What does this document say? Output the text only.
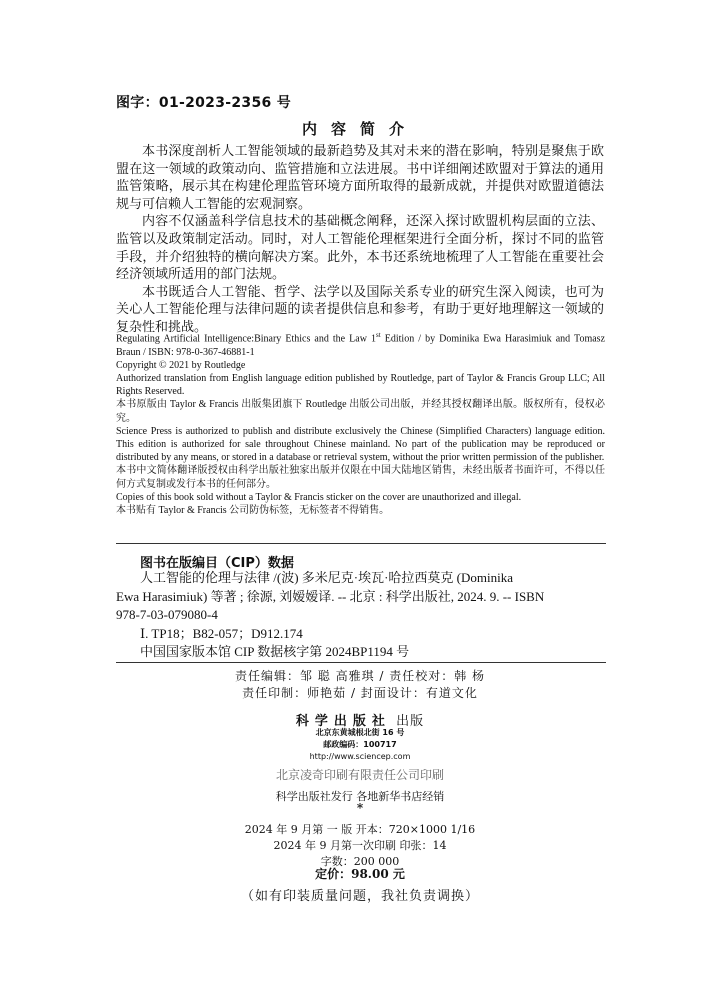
图字：01-2023-2356 号
内容简介

本书深度剖析人工智能领域的最新趋势及其对未来的潜在影响，特别是聚焦于欧盟在这一领域的政策动向、监管措施和立法进展。书中详细阐述欧盟对于算法的通用监管策略，展示其在构建伦理监管环境方面所取得的最新成就，并提供对欧盟道德法规与可信赖人工智能的宏观洞察。

内容不仅涵盖科学信息技术的基础概念阐释，还深入探讨欧盟机构层面的立法、监管以及政策制定活动。同时，对人工智能伦理框架进行全面分析，探讨不同的监管手段，并介绍独特的横向解决方案。此外，本书还系统地梳理了人工智能在重要社会经济领域所适用的部门法规。

本书既适合人工智能、哲学、法学以及国际关系专业的研究生深入阅读，也可为关心人工智能伦理与法律问题的读者提供信息和参考，有助于更好地理解这一领域的复杂性和挑战。

Regulating Artificial Intelligence:Binary Ethics and the Law 1st Edition / by Dominika Ewa Harasimiuk and Tomasz Braun / ISBN: 978-0-367-46881-1

Copyright © 2021 by Routledge

Authorized translation from English language edition published by Routledge, part of Taylor & Francis Group LLC; All Rights Reserved.

本书原版由 Taylor & Francis 出版集团旗下 Routledge 出版公司出版，并经其授权翻译出版。版权所有，侵权必究。

Science Press is authorized to publish and distribute exclusively the Chinese (Simplified Characters) language edition. This edition is authorized for sale throughout Chinese mainland. No part of the publication may be reproduced or distributed by any means, or stored in a database or retrieval system, without the prior written permission of the publisher.

本书中文简体翻译版授权由科学出版社独家出版并仅限在中国大陆地区销售，未经出版者书面许可，不得以任何方式复制或发行本书的任何部分。

Copies of this book sold without a Taylor & Francis sticker on the cover are unauthorized and illegal.

本书贴有 Taylor & Francis 公司防伪标签，无标签者不得销售。

图书在版编目（CIP）数据

人工智能的伦理与法律 /(波) 多米尼克·埃瓦·哈拉西莫克 (Dominika

Ewa Harasimiuk) 等著 ; 徐源, 刘嫒嫒译. -- 北京 : 科学出版社, 2024. 9. -- ISBN

978-7-03-079080-4

Ⅰ. TP18；B82-057；D912.174

中国国家版本馆 CIP 数据核字第 2024BP1194 号

责任编辑：邹 聪 高雅琪 / 责任校对：韩 杨
责任印制：师艳茹 / 封面设计：有道文化
科学出版社 出版
北京东黄城根北街 16 号
邮政编码：100717
http://www.sciencep.com
北京凌奇印刷有限责任公司印刷
科学出版社发行 各地新华书店经销
*
2024 年 9 月第 一 版 开本：720×1000 1/16
2024 年 9 月第一次印刷 印张：14
字数：200 000
定价：98.00 元
（如有印装质量问题，我社负责调换）
